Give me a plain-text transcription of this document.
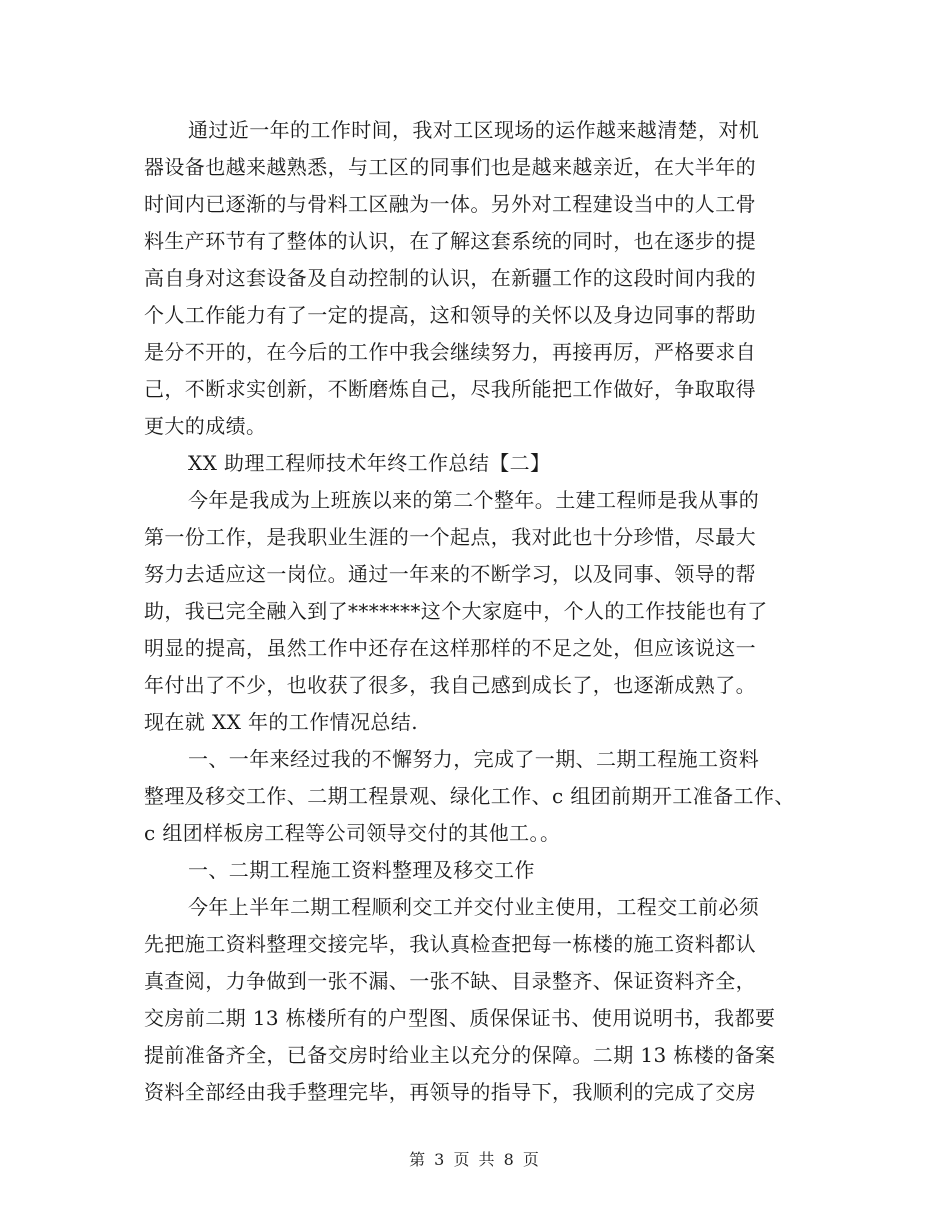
通过近一年的工作时间，我对工区现场的运作越来越清楚，对机
器设备也越来越熟悉，与工区的同事们也是越来越亲近，在大半年的
时间内已逐渐的与骨料工区融为一体。另外对工程建设当中的人工骨
料生产环节有了整体的认识，在了解这套系统的同时，也在逐步的提
高自身对这套设备及自动控制的认识，在新疆工作的这段时间内我的
个人工作能力有了一定的提高，这和领导的关怀以及身边同事的帮助
是分不开的，在今后的工作中我会继续努力，再接再厉，严格要求自
己，不断求实创新，不断磨炼自己，尽我所能把工作做好，争取取得
更大的成绩。
XX 助理工程师技术年终工作总结【二】
今年是我成为上班族以来的第二个整年。土建工程师是我从事的
第一份工作，是我职业生涯的一个起点，我对此也十分珍惜，尽最大
努力去适应这一岗位。通过一年来的不断学习，以及同事、领导的帮
助，我已完全融入到了*******这个大家庭中，个人的工作技能也有了
明显的提高，虽然工作中还存在这样那样的不足之处，但应该说这一
年付出了不少，也收获了很多，我自己感到成长了，也逐渐成熟了。
现在就 XX 年的工作情况总结.
一、一年来经过我的不懈努力，完成了一期、二期工程施工资料
整理及移交工作、二期工程景观、绿化工作、c 组团前期开工准备工作、
c 组团样板房工程等公司领导交付的其他工。。
一、二期工程施工资料整理及移交工作
今年上半年二期工程顺利交工并交付业主使用，工程交工前必须
先把施工资料整理交接完毕，我认真检查把每一栋楼的施工资料都认
真查阅，力争做到一张不漏、一张不缺、目录整齐、保证资料齐全，
交房前二期 13 栋楼所有的户型图、质保保证书、使用说明书，我都要
提前准备齐全，已备交房时给业主以充分的保障。二期 13 栋楼的备案
资料全部经由我手整理完毕，再领导的指导下，我顺利的完成了交房
第 3 页 共 8 页
